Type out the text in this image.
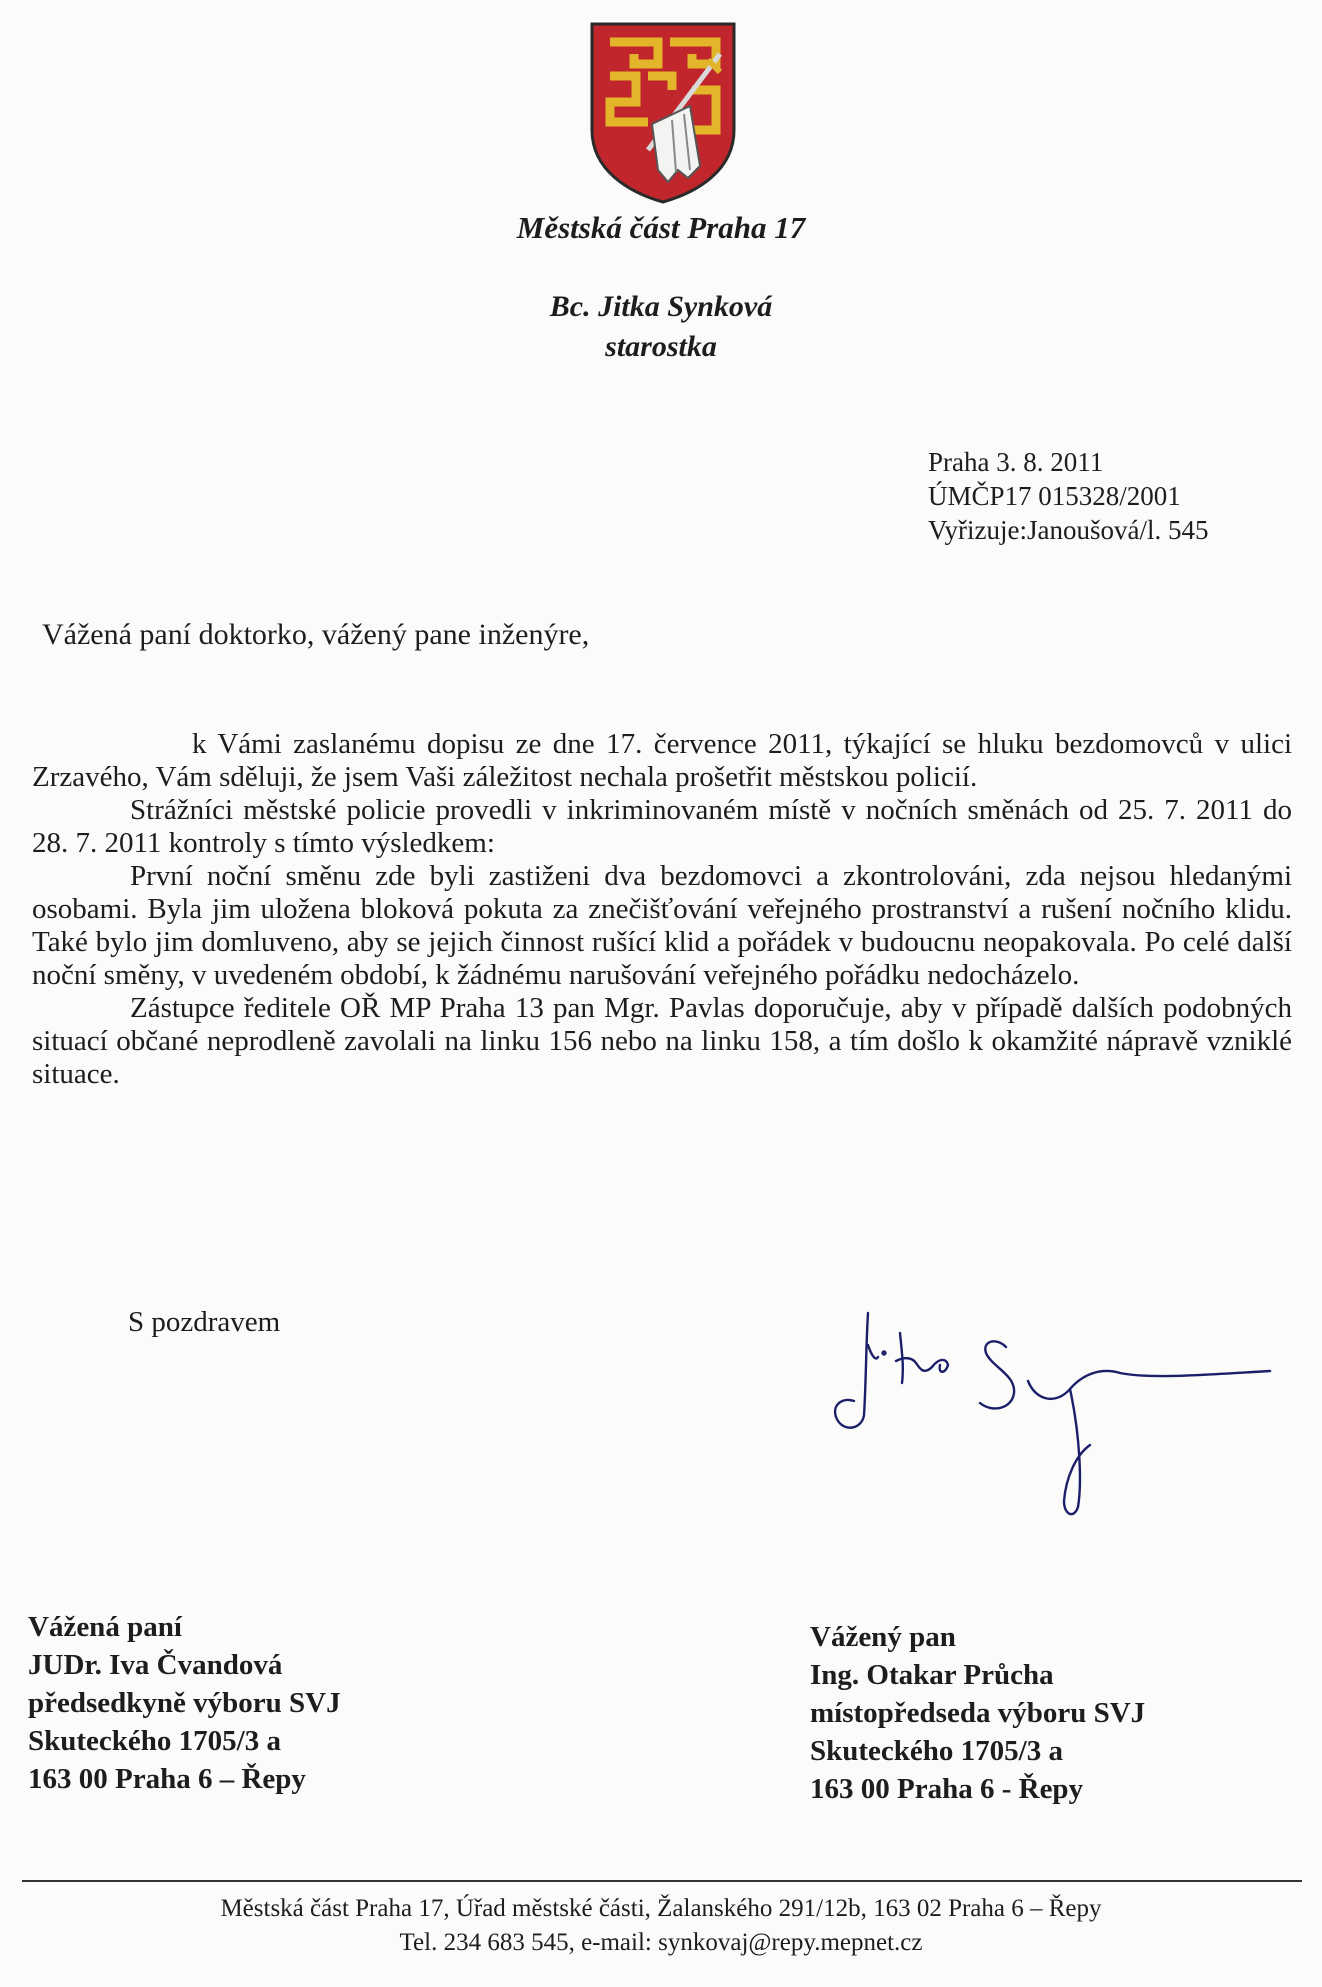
Městská část Praha 17
Bc. Jitka Synková
starostka
Praha 3. 8. 2011
ÚMČP17 015328/2001
Vyřizuje:Janoušová/l. 545
Vážená paní doktorko, vážený pane inženýre,

k Vámi zaslanému dopisu ze dne 17. července 2011, týkající se hluku bezdomovců v ulici Zrzavého, Vám sděluji, že jsem Vaši záležitost nechala prošetřit městskou policií.

Strážníci městské policie provedli v inkriminovaném místě v nočních směnách od 25. 7. 2011 do 28. 7. 2011 kontroly s tímto výsledkem:

První noční směnu zde byli zastiženi dva bezdomovci a zkontrolováni, zda nejsou hledanými osobami. Byla jim uložena bloková pokuta za znečišťování veřejného prostranství a rušení nočního klidu. Také bylo jim domluveno, aby se jejich činnost rušící klid a pořádek v budoucnu neopakovala. Po celé další noční směny, v uvedeném období, k žádnému narušování veřejného pořádku nedocházelo.

Zástupce ředitele OŘ MP Praha 13 pan Mgr. Pavlas doporučuje, aby v případě dalších podobných situací občané neprodleně zavolali na linku 156 nebo na linku 158, a tím došlo k okamžité nápravě vzniklé situace.

S pozdravem
Vážená paní
JUDr. Iva Čvandová
předsedkyně výboru SVJ
Skuteckého 1705/3 a
163 00 Praha 6 – Řepy
Vážený pan
Ing. Otakar Průcha
místopředseda výboru SVJ
Skuteckého 1705/3 a
163 00 Praha 6 - Řepy
Městská část Praha 17, Úřad městské části, Žalanského 291/12b, 163 02 Praha 6 – Řepy
Tel. 234 683 545, e-mail: synkovaj@repy.mepnet.cz
